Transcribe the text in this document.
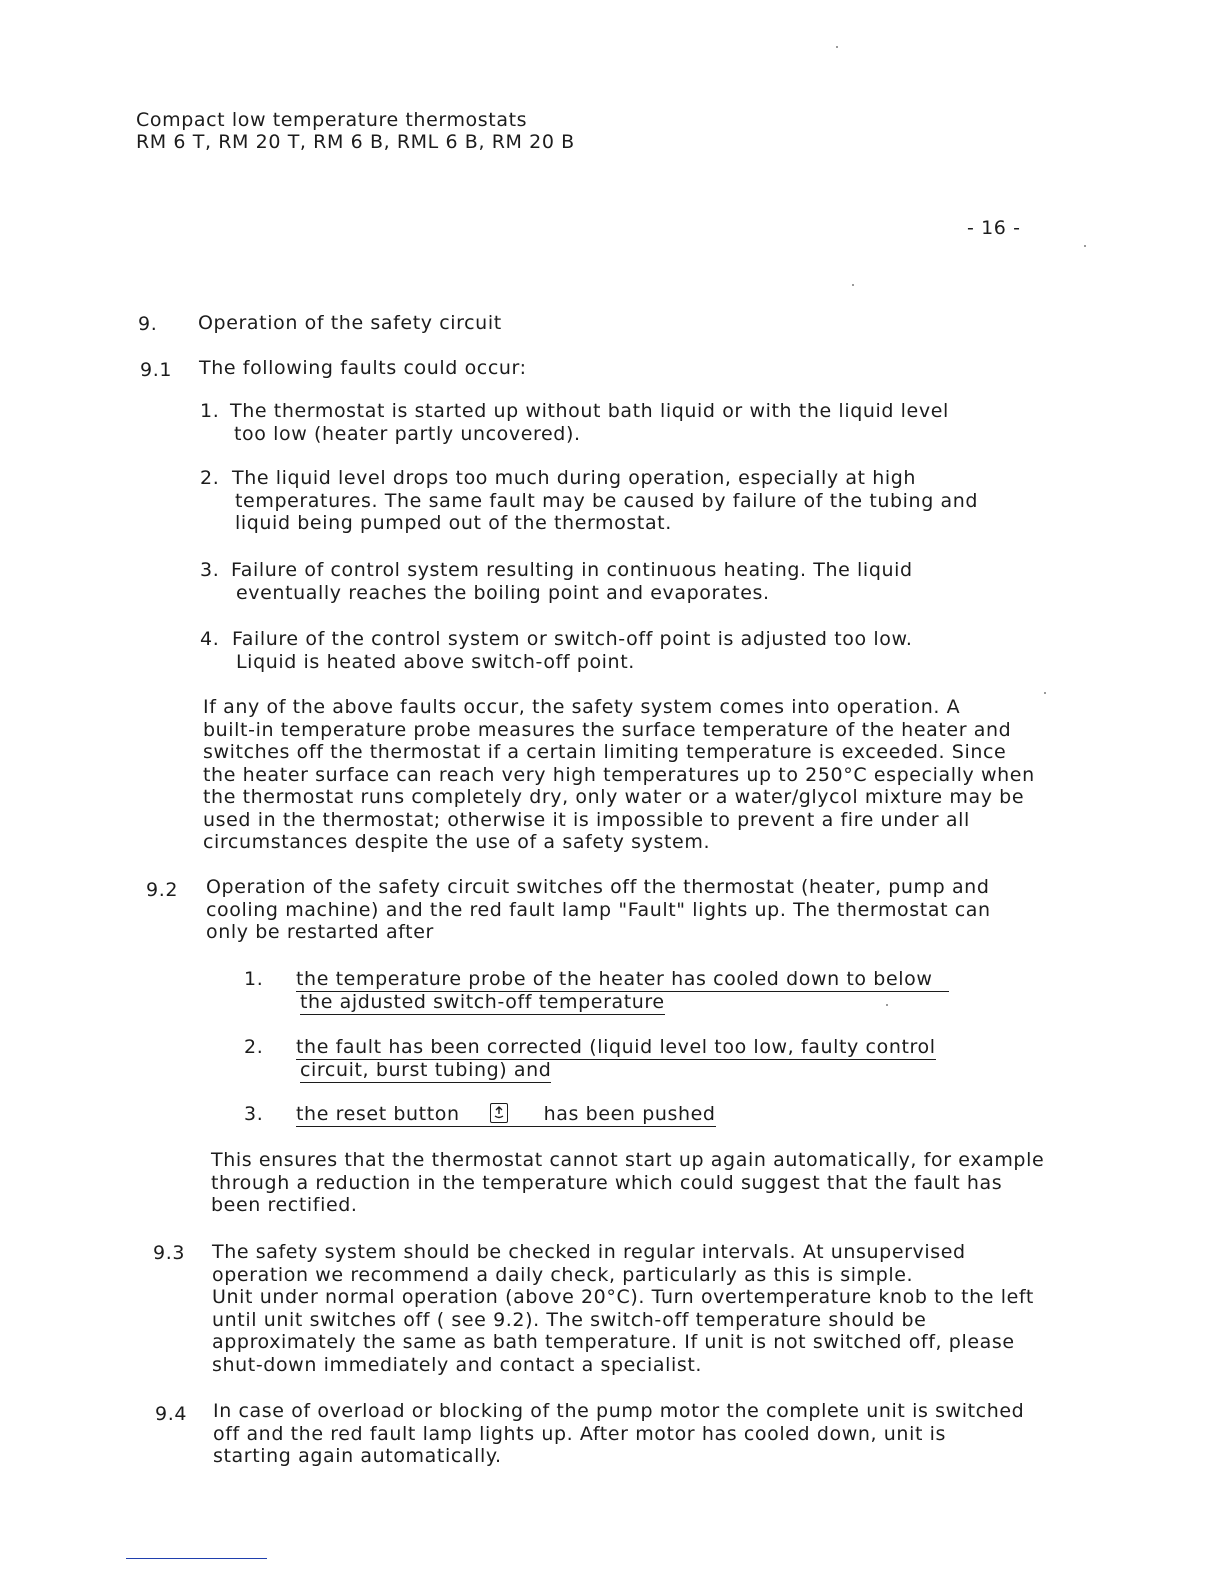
Compact low temperature thermostats
RM 6 T, RM 20 T, RM 6 B, RML 6 B, RM 20 B
- 16 -
9. Operation of the safety circuit
9.1 The following faults could occur:
1. The thermostat is started up without bath liquid or with the liquid level
too low (heater partly uncovered).
2. The liquid level drops too much during operation, especially at high
temperatures. The same fault may be caused by failure of the tubing and
liquid being pumped out of the thermostat.
3. Failure of control system resulting in continuous heating. The liquid
eventually reaches the boiling point and evaporates.
4. Failure of the control system or switch-off point is adjusted too low.
Liquid is heated above switch-off point.
If any of the above faults occur, the safety system comes into operation. A
built-in temperature probe measures the surface temperature of the heater and
switches off the thermostat if a certain limiting temperature is exceeded. Since
the heater surface can reach very high temperatures up to 250°C especially when
the thermostat runs completely dry, only water or a water/glycol mixture may be
used in the thermostat; otherwise it is impossible to prevent a fire under all
circumstances despite the use of a safety system.
9.2 Operation of the safety circuit switches off the thermostat (heater, pump and
cooling machine) and the red fault lamp "Fault" lights up. The thermostat can
only be restarted after
1. the temperature probe of the heater has cooled down to below
the ajdusted switch-off temperature
2. the fault has been corrected (liquid level too low, faulty control
circuit, burst tubing) and
3. the reset button	has been pushed
This ensures that the thermostat cannot start up again automatically, for example
through a reduction in the temperature which could suggest that the fault has
been rectified.
9.3 The safety system should be checked in regular intervals. At unsupervised
operation we recommend a daily check, particularly as this is simple.
Unit under normal operation (above 20°C). Turn overtemperature knob to the left
until unit switches off ( see 9.2). The switch-off temperature should be
approximately the same as bath temperature. If unit is not switched off, please
shut-down immediately and contact a specialist.
9.4 In case of overload or blocking of the pump motor the complete unit is switched
off and the red fault lamp lights up. After motor has cooled down, unit is
starting again automatically.
